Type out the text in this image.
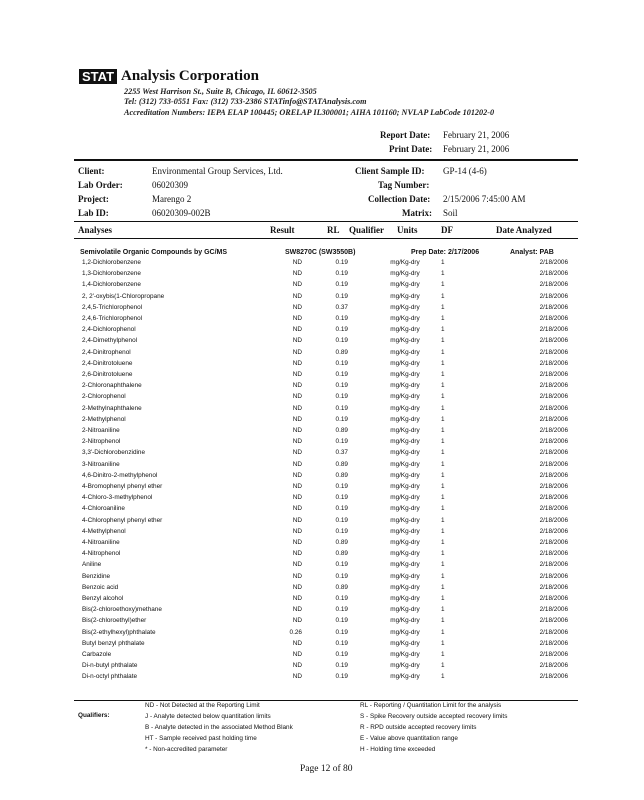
STAT Analysis Corporation
2255 West Harrison St., Suite B, Chicago, IL 60612-3505
Tel: (312) 733-0551 Fax: (312) 733-2386 STATinfo@STATAnalysis.com
Accreditation Numbers: IEPA ELAP 100445; ORELAP IL300001; AIHA 101160; NVLAP LabCode 101202-0
Report Date: February 21, 2006
Print Date: February 21, 2006
Client:	Environmental Group Services, Ltd.
Lab Order:	06020309
Project:	Marengo 2
Lab ID:	06020309-002B
Client Sample ID: GP-14 (4-6)
Tag Number:
Collection Date: 2/15/2006 7:45:00 AM
Matrix: Soil
Analyses	Result	RL Qualifier Units	DF	Date Analyzed
Semivolatile Organic Compounds by GC/MS	SW8270C (SW3550B)	Prep Date: 2/17/2006	Analyst: PAB
1,2-Dichlorobenzene	ND	0.19	mg/Kg-dry	1	2/18/2006
1,3-Dichlorobenzene	ND	0.19	mg/Kg-dry	1	2/18/2006
1,4-Dichlorobenzene	ND	0.19	mg/Kg-dry	1	2/18/2006
2, 2'-oxybis(1-Chloropropane	ND	0.19	mg/Kg-dry	1	2/18/2006
2,4,5-Trichlorophenol	ND	0.37	mg/Kg-dry	1	2/18/2006
2,4,6-Trichlorophenol	ND	0.19	mg/Kg-dry	1	2/18/2006
2,4-Dichlorophenol	ND	0.19	mg/Kg-dry	1	2/18/2006
2,4-Dimethylphenol	ND	0.19	mg/Kg-dry	1	2/18/2006
2,4-Dinitrophenol	ND	0.89	mg/Kg-dry	1	2/18/2006
2,4-Dinitrotoluene	ND	0.19	mg/Kg-dry	1	2/18/2006
2,6-Dinitrotoluene	ND	0.19	mg/Kg-dry	1	2/18/2006
2-Chloronaphthalene	ND	0.19	mg/Kg-dry	1	2/18/2006
2-Chlorophenol	ND	0.19	mg/Kg-dry	1	2/18/2006
2-Methylnaphthalene	ND	0.19	mg/Kg-dry	1	2/18/2006
2-Methylphenol	ND	0.19	mg/Kg-dry	1	2/18/2006
2-Nitroaniline	ND	0.89	mg/Kg-dry	1	2/18/2006
2-Nitrophenol	ND	0.19	mg/Kg-dry	1	2/18/2006
3,3'-Dichlorobenzidine	ND	0.37	mg/Kg-dry	1	2/18/2006
3-Nitroaniline	ND	0.89	mg/Kg-dry	1	2/18/2006
4,6-Dinitro-2-methylphenol	ND	0.89	mg/Kg-dry	1	2/18/2006
4-Bromophenyl phenyl ether	ND	0.19	mg/Kg-dry	1	2/18/2006
4-Chloro-3-methylphenol	ND	0.19	mg/Kg-dry	1	2/18/2006
4-Chloroaniline	ND	0.19	mg/Kg-dry	1	2/18/2006
4-Chlorophenyl phenyl ether	ND	0.19	mg/Kg-dry	1	2/18/2006
4-Methylphenol	ND	0.19	mg/Kg-dry	1	2/18/2006
4-Nitroaniline	ND	0.89	mg/Kg-dry	1	2/18/2006
4-Nitrophenol	ND	0.89	mg/Kg-dry	1	2/18/2006
Aniline	ND	0.19	mg/Kg-dry	1	2/18/2006
Benzidine	ND	0.19	mg/Kg-dry	1	2/18/2006
Benzoic acid	ND	0.89	mg/Kg-dry	1	2/18/2006
Benzyl alcohol	ND	0.19	mg/Kg-dry	1	2/18/2006
Bis(2-chloroethoxy)methane	ND	0.19	mg/Kg-dry	1	2/18/2006
Bis(2-chloroethyl)ether	ND	0.19	mg/Kg-dry	1	2/18/2006
Bis(2-ethylhexyl)phthalate	0.26	0.19	mg/Kg-dry	1	2/18/2006
Butyl benzyl phthalate	ND	0.19	mg/Kg-dry	1	2/18/2006
Carbazole	ND	0.19	mg/Kg-dry	1	2/18/2006
Di-n-butyl phthalate	ND	0.19	mg/Kg-dry	1	2/18/2006
Di-n-octyl phthalate	ND	0.19	mg/Kg-dry	1	2/18/2006
Qualifiers:
ND - Not Detected at the Reporting Limit
J - Analyte detected below quantitation limits
B - Analyte detected in the associated Method Blank
HT - Sample received past holding time
* - Non-accredited parameter
RL - Reporting / Quantitation Limit for the analysis
S - Spike Recovery outside accepted recovery limits
R - RPD outside accepted recovery limits
E - Value above quantitation range
H - Holding time exceeded
Page 12 of 80
